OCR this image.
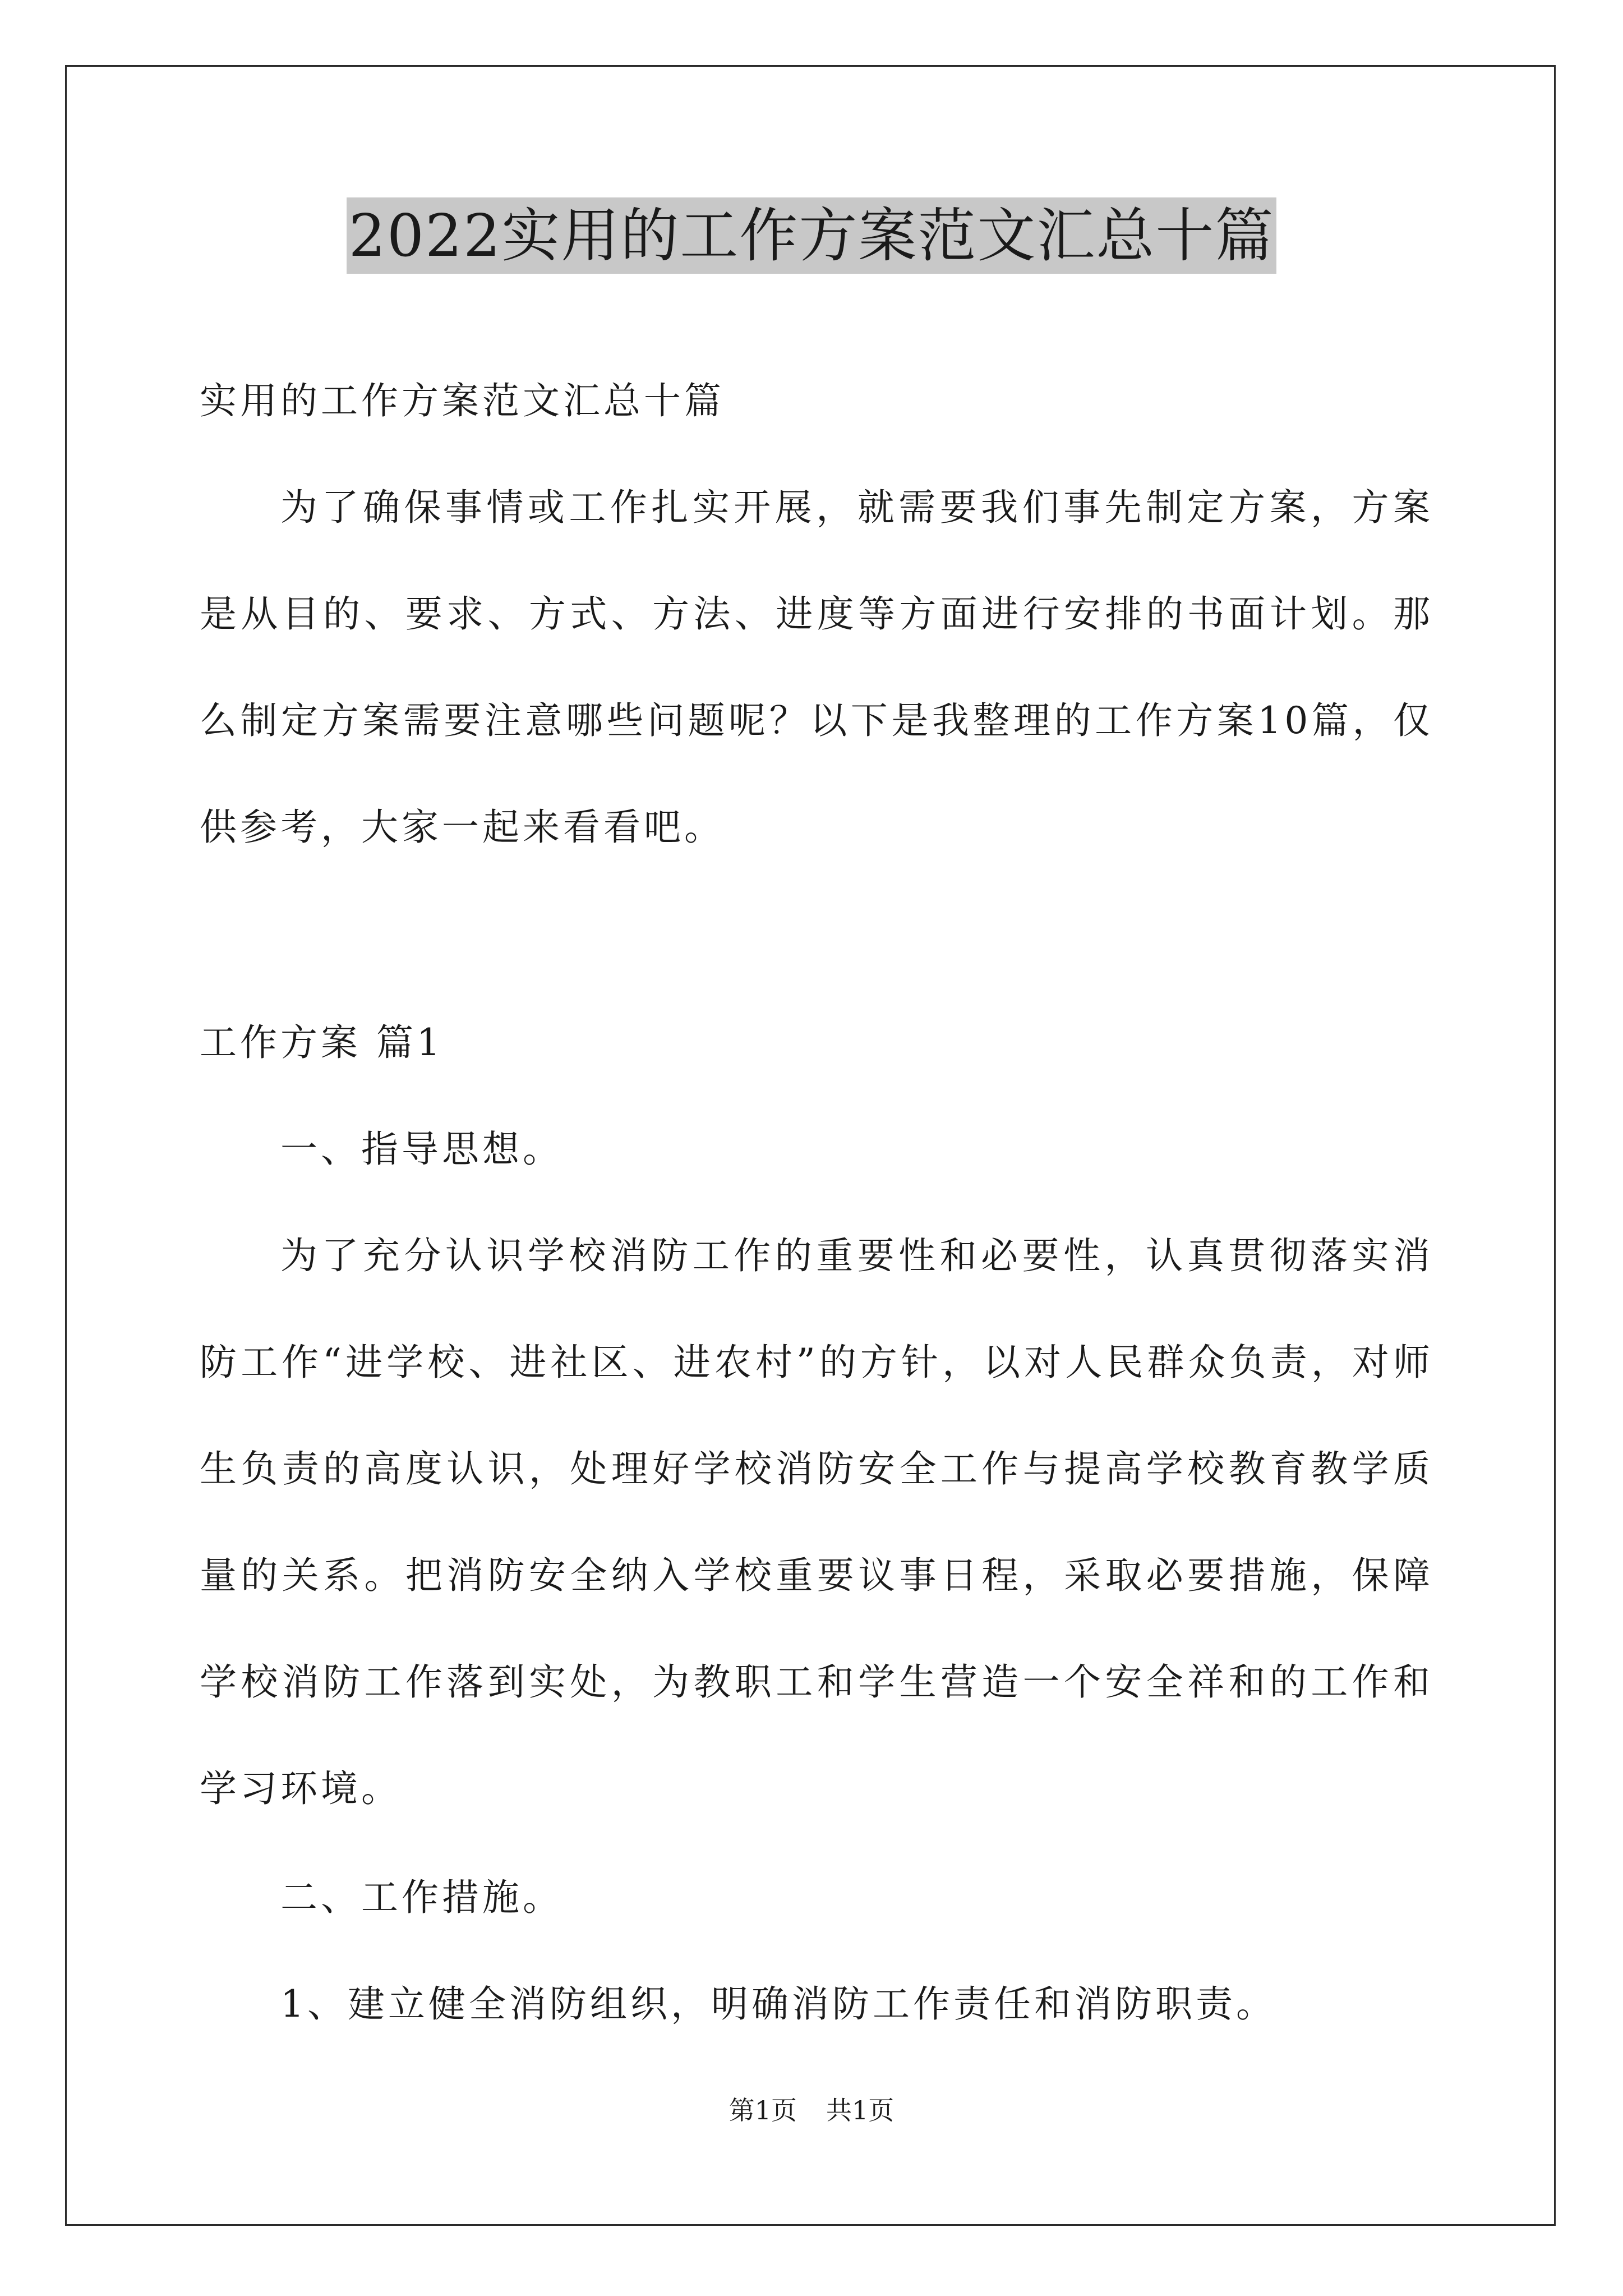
2022实用的工作方案范文汇总十篇

实用的工作方案范文汇总十篇

为了确保事情或工作扎实开展，就需要我们事先制定方案，方案是从目的、要求、方式、方法、进度等方面进行安排的书面计划。那么制定方案需要注意哪些问题呢？以下是我整理的工作方案10篇，仅供参考，大家一起来看看吧。

工作方案 篇1

一、指导思想。

为了充分认识学校消防工作的重要性和必要性，认真贯彻落实消防工作“进学校、进社区、进农村”的方针，以对人民群众负责，对师生负责的高度认识，处理好学校消防安全工作与提高学校教育教学质量的关系。把消防安全纳入学校重要议事日程，采取必要措施，保障学校消防工作落到实处，为教职工和学生营造一个安全祥和的工作和学习环境。

二、工作措施。

1、建立健全消防组织，明确消防工作责任和消防职责。

第1页 共1页
